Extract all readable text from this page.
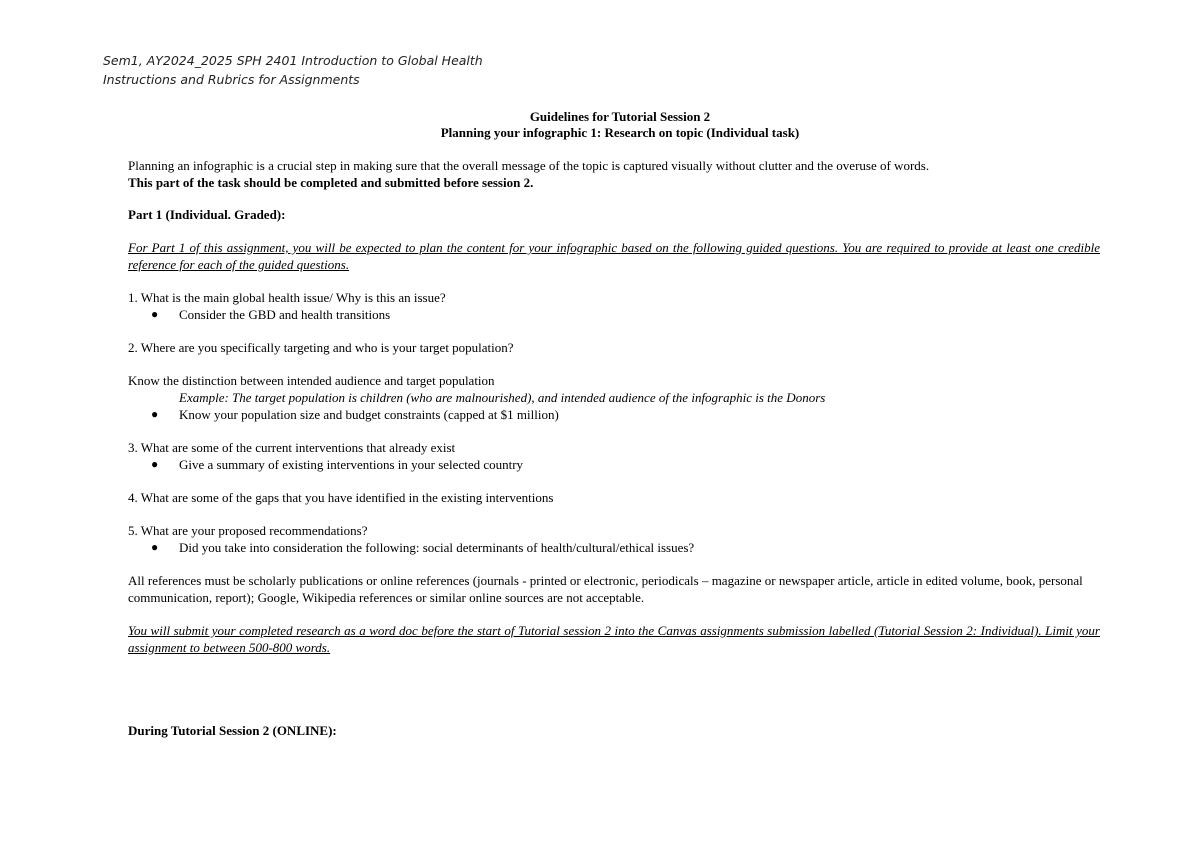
Sem1, AY2024_2025 SPH 2401 Introduction to Global Health
Instructions and Rubrics for Assignments
Guidelines for Tutorial Session 2
Planning your infographic 1: Research on topic (Individual task)

Planning an infographic is a crucial step in making sure that the overall message of the topic is captured visually without clutter and the overuse of words.

This part of the task should be completed and submitted before session 2.

Part 1 (Individual. Graded):

For Part 1 of this assignment, you will be expected to plan the content for your infographic based on the following guided questions. You are required to provide at least one credible reference for each of the guided questions.

1. What is the main global health issue/ Why is this an issue?

● Consider the GBD and health transitions

2. Where are you specifically targeting and who is your target population?

Know the distinction between intended audience and target population

Example: The target population is children (who are malnourished), and intended audience of the infographic is the Donors

● Know your population size and budget constraints (capped at $1 million)

3. What are some of the current interventions that already exist

● Give a summary of existing interventions in your selected country

4. What are some of the gaps that you have identified in the existing interventions

5. What are your proposed recommendations?

● Did you take into consideration the following: social determinants of health/cultural/ethical issues?

All references must be scholarly publications or online references (journals - printed or electronic, periodicals – magazine or newspaper article, article in edited volume, book, personal communication, report); Google, Wikipedia references or similar online sources are not acceptable.

You will submit your completed research as a word doc before the start of Tutorial session 2 into the Canvas assignments submission labelled (Tutorial Session 2: Individual). Limit your assignment to between 500-800 words.

During Tutorial Session 2 (ONLINE):
